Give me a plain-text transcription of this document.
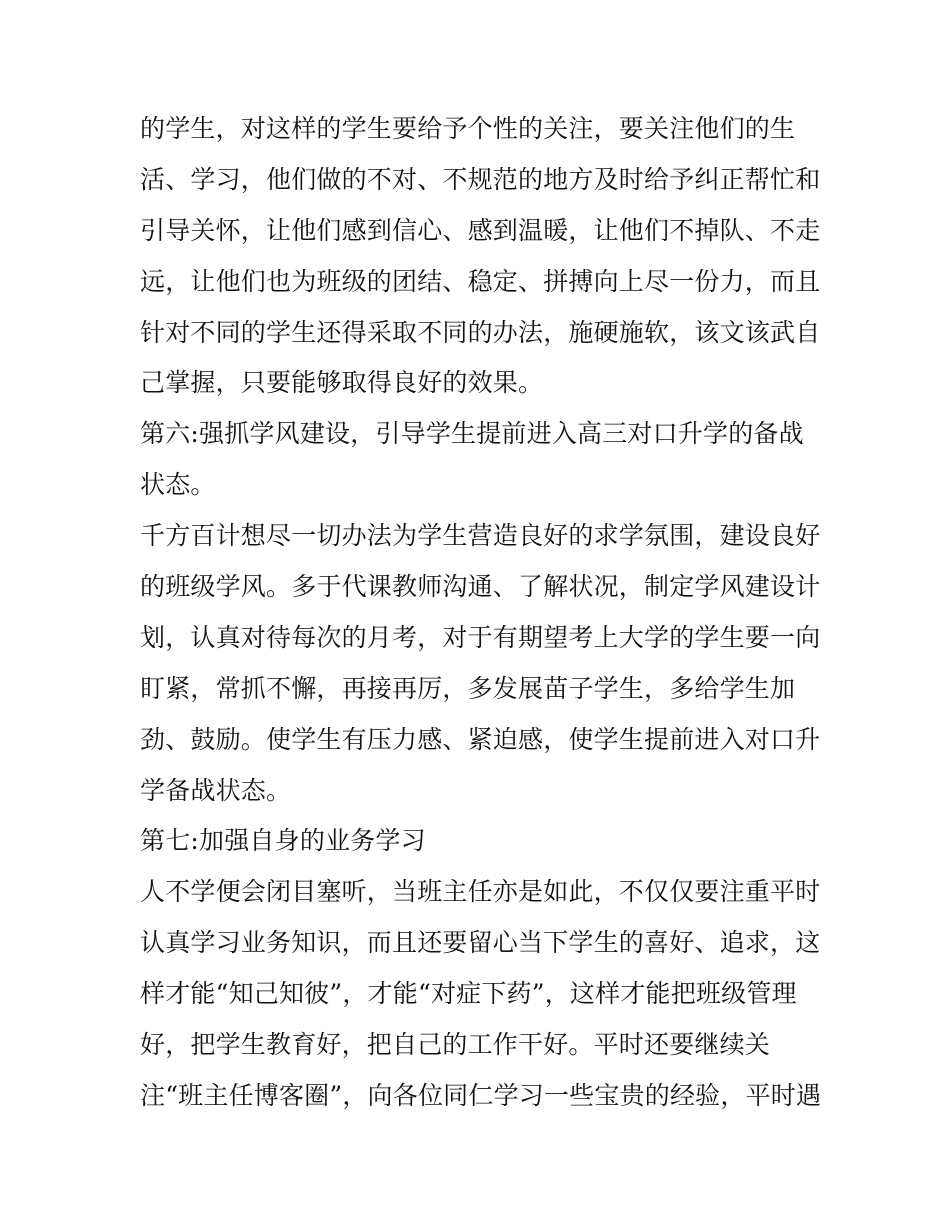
的学生，对这样的学生要给予个性的关注，要关注他们的生
活、学习，他们做的不对、不规范的地方及时给予纠正帮忙和
引导关怀，让他们感到信心、感到温暖，让他们不掉队、不走
远，让他们也为班级的团结、稳定、拼搏向上尽一份力，而且
针对不同的学生还得采取不同的办法，施硬施软，该文该武自
己掌握，只要能够取得良好的效果。
第六:强抓学风建设，引导学生提前进入高三对口升学的备战
状态。
千方百计想尽一切办法为学生营造良好的求学氛围，建设良好
的班级学风。多于代课教师沟通、了解状况，制定学风建设计
划，认真对待每次的月考，对于有期望考上大学的学生要一向
盯紧，常抓不懈，再接再厉，多发展苗子学生，多给学生加
劲、鼓励。使学生有压力感、紧迫感，使学生提前进入对口升
学备战状态。
第七:加强自身的业务学习
人不学便会闭目塞听，当班主任亦是如此，不仅仅要注重平时
认真学习业务知识，而且还要留心当下学生的喜好、追求，这
样才能“知己知彼”，才能“对症下药”，这样才能把班级管理
好，把学生教育好，把自己的工作干好。平时还要继续关
注“班主任博客圈”，向各位同仁学习一些宝贵的经验，平时遇
